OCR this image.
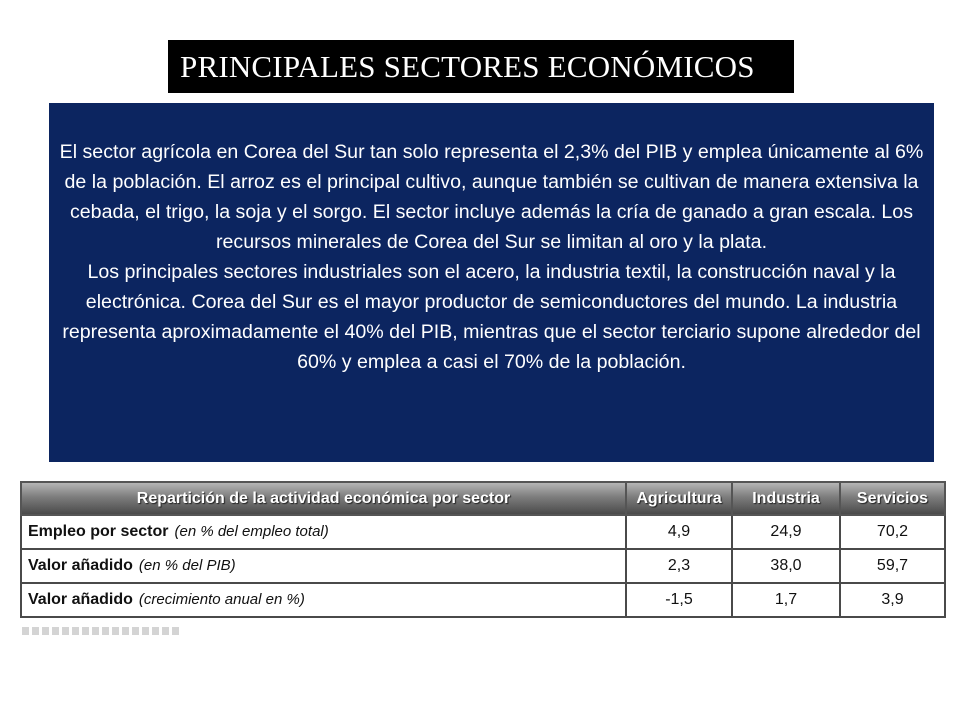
PRINCIPALES SECTORES ECONÓMICOS

El sector agrícola en Corea del Sur tan solo representa el 2,3% del PIB y emplea únicamente al 6% de la población. El arroz es el principal cultivo, aunque también se cultivan de manera extensiva la cebada, el trigo, la soja y el sorgo. El sector incluye además la cría de ganado a gran escala. Los recursos minerales de Corea del Sur se limitan al oro y la plata.

Los principales sectores industriales son el acero, la industria textil, la construcción naval y la electrónica. Corea del Sur es el mayor productor de semiconductores del mundo. La industria representa aproximadamente el 40% del PIB, mientras que el sector terciario supone alrededor del 60% y emplea a casi el 70% de la población.

Repartición de la actividad económica por sector	Agricultura	Industria	Servicios
Empleo por sector (en % del empleo total)	4,9	24,9	70,2
Valor añadido (en % del PIB)	2,3	38,0	59,7
Valor añadido (crecimiento anual en %)	-1,5	1,7	3,9
